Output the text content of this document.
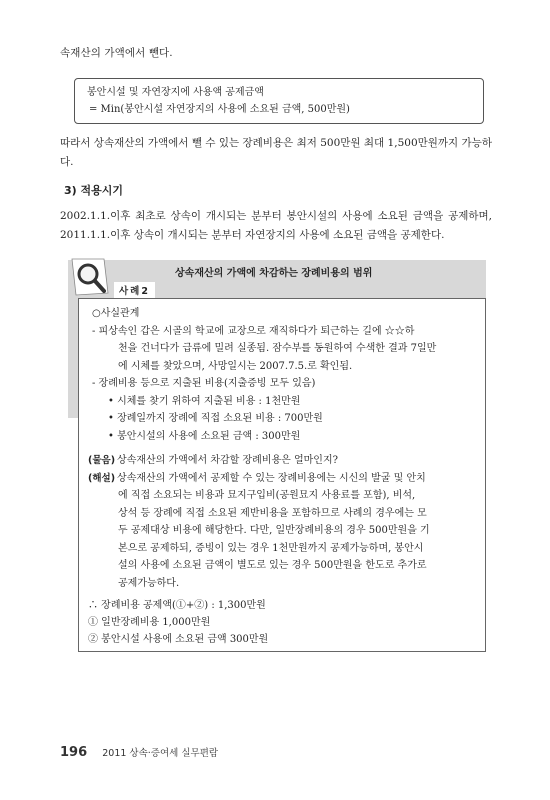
속재산의 가액에서 뺀다.
봉안시설 및 자연장지에 사용액 공제금액
= Min(봉안시설 자연장지의 사용에 소요된 금액, 500만원)
따라서 상속재산의 가액에서 뺄 수 있는 장례비용은 최저 500만원 최대 1,500만원까지 가능하다.
3) 적용시기
2002.1.1.이후 최초로 상속이 개시되는 분부터 봉안시설의 사용에 소요된 금액을 공제하며, 2011.1.1.이후 상속이 개시되는 분부터 자연장지의 사용에 소요된 금액을 공제한다.
상속재산의 가액에 차감하는 장례비용의 범위
사례2
○사실관계
- 피상속인 갑은 시골의 학교에 교장으로 재직하다가 퇴근하는 길에 ☆☆하
천을 건너다가 급류에 밀려 실종됨. 잠수부를 동원하여 수색한 결과 7일만
에 시체를 찾았으며, 사망일시는 2007.7.5.로 확인됨.
- 장례비용 등으로 지출된 비용(지출증빙 모두 있음)
• 시체를 찾기 위하여 지출된 비용 : 1천만원
• 장례일까지 장례에 직접 소요된 비용 : 700만원
• 봉안시설의 사용에 소요된 금액 : 300만원
(물음) 상속재산의 가액에서 차감할 장례비용은 얼마인지?
(해설) 상속재산의 가액에서 공제할 수 있는 장례비용에는 시신의 발굴 및 안치
에 직접 소요되는 비용과 묘지구입비(공원묘지 사용료를 포함), 비석,
상석 등 장례에 직접 소요된 제반비용을 포함하므로 사례의 경우에는 모
두 공제대상 비용에 해당한다. 다만, 일반장례비용의 경우 500만원을 기
본으로 공제하되, 증빙이 있는 경우 1천만원까지 공제가능하며, 봉안시
설의 사용에 소요된 금액이 별도로 있는 경우 500만원을 한도로 추가로
공제가능하다.
∴ 장례비용 공제액(①+②) : 1,300만원
① 일반장례비용 1,000만원
② 봉안시설 사용에 소요된 금액 300만원
196 2011 상속·증여세 실무편람
